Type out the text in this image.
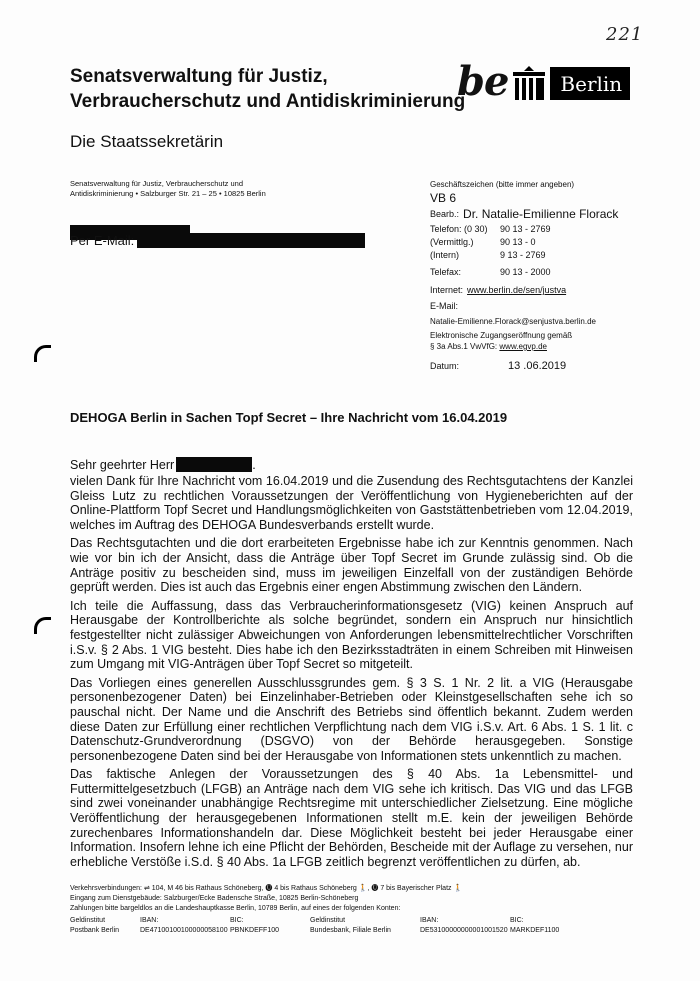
221
Senatsverwaltung für Justiz,
Verbraucherschutz und Antidiskriminierung
be	Berlin
Die Staatssekretärin
Senatsverwaltung für Justiz, Verbraucherschutz und
Antidiskriminierung • Salzburger Str. 21 – 25 • 10825 Berlin
Per E-Mail:
Geschäftszeichen (bitte immer angeben)
VB 6
Bearb.: Dr. Natalie-Emilienne Florack
Telefon: (0 30)	90 13 - 2769
(Vermittlg.)	90 13 - 0
(Intern)	9 13 - 2769
Telefax:	90 13 - 2000
Internet: www.berlin.de/sen/justva
E-Mail:
Natalie-Emilienne.Florack@senjustva.berlin.de
Elektronische Zugangseröffnung gemäß
§ 3a Abs.1 VwVfG: www.egvp.de
Datum:	13 .06.2019
DEHOGA Berlin in Sachen Topf Secret – Ihre Nachricht vom 16.04.2019
Sehr geehrter Herr	.

vielen Dank für Ihre Nachricht vom 16.04.2019 und die Zusendung des Rechtsgutachtens der Kanzlei Gleiss Lutz zu rechtlichen Voraussetzungen der Veröffentlichung von Hygieneberichten auf der Online-Plattform Topf Secret und Handlungsmöglichkeiten von Gaststättenbetrieben vom 12.04.2019, welches im Auftrag des DEHOGA Bundesverbands erstellt wurde.

Das Rechtsgutachten und die dort erarbeiteten Ergebnisse habe ich zur Kenntnis genommen. Nach wie vor bin ich der Ansicht, dass die Anträge über Topf Secret im Grunde zulässig sind. Ob die Anträge positiv zu bescheiden sind, muss im jeweiligen Einzelfall von der zuständigen Behörde geprüft werden. Dies ist auch das Ergebnis einer engen Abstimmung zwischen den Ländern.

Ich teile die Auffassung, dass das Verbraucherinformationsgesetz (VIG) keinen Anspruch auf Herausgabe der Kontrollberichte als solche begründet, sondern ein Anspruch nur hinsichtlich festgestellter nicht zulässiger Abweichungen von Anforderungen lebensmittelrechtlicher Vorschriften i.S.v. § 2 Abs. 1 VIG besteht. Dies habe ich den Bezirksstadträten in einem Schreiben mit Hinweisen zum Umgang mit VIG-Anträgen über Topf Secret so mitgeteilt.

Das Vorliegen eines generellen Ausschlussgrundes gem. § 3 S. 1 Nr. 2 lit. a VIG (Herausgabe personenbezogener Daten) bei Einzelinhaber-Betrieben oder Kleinstgesellschaften sehe ich so pauschal nicht. Der Name und die Anschrift des Betriebs sind öffentlich bekannt. Zudem werden diese Daten zur Erfüllung einer rechtlichen Verpflichtung nach dem VIG i.S.v. Art. 6 Abs. 1 S. 1 lit. c Datenschutz-Grundverordnung (DSGVO) von der Behörde herausgegeben. Sonstige personenbezogene Daten sind bei der Herausgabe von Informationen stets unkenntlich zu machen.

Das faktische Anlegen der Voraussetzungen des § 40 Abs. 1a Lebensmittel- und Futtermittelgesetzbuch (LFGB) an Anträge nach dem VIG sehe ich kritisch. Das VIG und das LFGB sind zwei voneinander unabhängige Rechtsregime mit unterschiedlicher Zielsetzung. Eine mögliche Veröffentlichung der herausgegebenen Informationen stellt m.E. kein der jeweiligen Behörde zurechenbares Informationshandeln dar. Diese Möglichkeit besteht bei jeder Herausgabe einer Information. Insofern lehne ich eine Pflicht der Behörden, Bescheide mit der Auflage zu versehen, nur erhebliche Verstöße i.S.d. § 40 Abs. 1a LFGB zeitlich begrenzt veröffentlichen zu dürfen, ab.

Verkehrsverbindungen: ⇌ 104, M 46 bis Rathaus Schöneberg, 🅤 4 bis Rathaus Schöneberg 🚶, 🅤 7 bis Bayerischer Platz 🚶
Eingang zum Dienstgebäude: Salzburger/Ecke Badensche Straße, 10825 Berlin-Schöneberg
Zahlungen bitte bargeldlos an die Landeshauptkasse Berlin, 10789 Berlin, auf eines der folgenden Konten:
Geldinstitut	IBAN:	BIC:	Geldinstitut	IBAN:	BIC:
Postbank Berlin	DE47100100100000058100 PBNKDEFF100	Bundesbank, Filiale Berlin	DE53100000000001001520 MARKDEF1100
